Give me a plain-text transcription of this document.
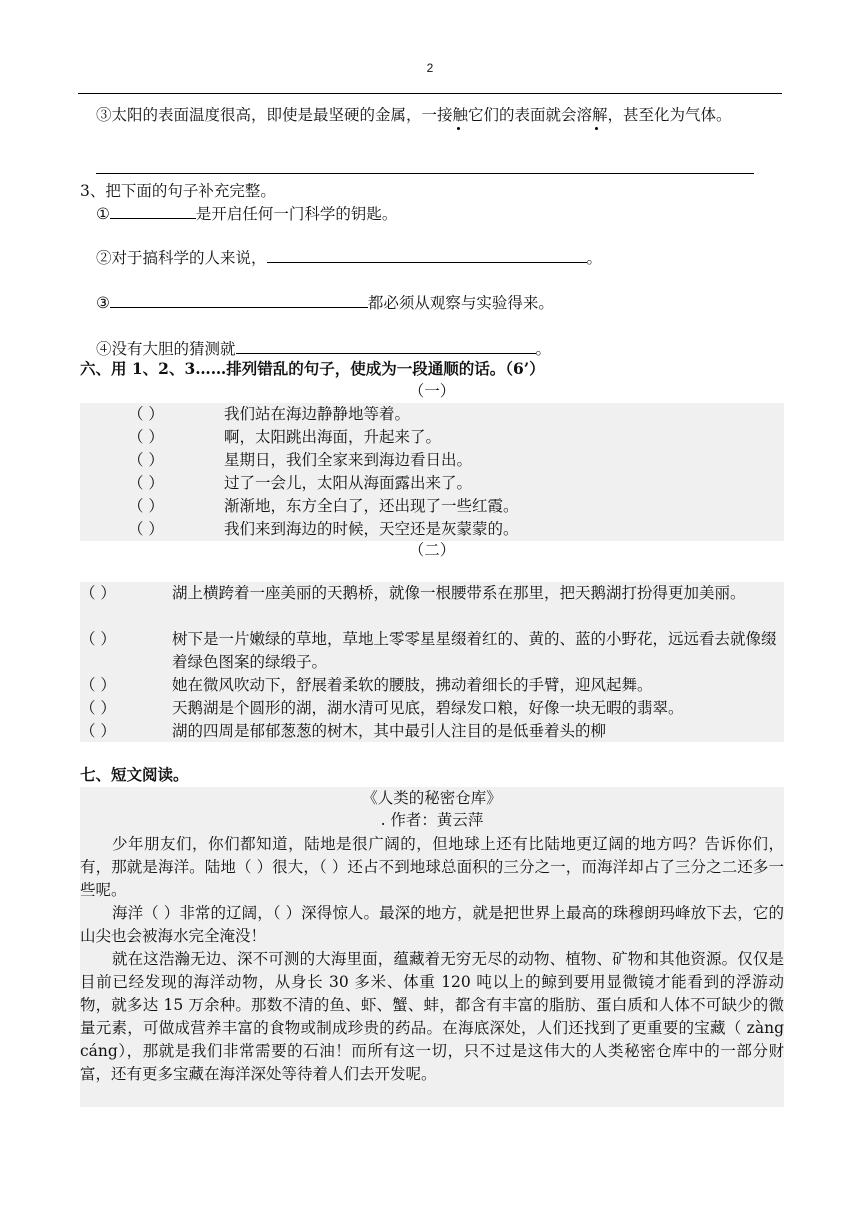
2
③太阳的表面温度很高，即使是最坚硬的金属，一接触它们的表面就会溶解，甚至化为气体。
3、把下面的句子补充完整。
①	是开启任何一门科学的钥匙。
②对于搞科学的人来说，	。
③	都必须从观察与实验得来。
④没有大胆的猜测就	。
六、用 1、2、3……排列错乱的句子，使成为一段通顺的话。（6’）
（一）
（ ）	我们站在海边静静地等着。
（ ）	啊，太阳跳出海面，升起来了。
（ ）	星期日，我们全家来到海边看日出。
（ ）	过了一会儿，太阳从海面露出来了。
（ ）	渐渐地，东方全白了，还出现了一些红霞。
（ ）	我们来到海边的时候，天空还是灰蒙蒙的。
（二）
（ ）	湖上横跨着一座美丽的天鹅桥，就像一根腰带系在那里，把天鹅湖打扮得更加美丽。
（ ）	树下是一片嫩绿的草地，草地上零零星星缀着红的、黄的、蓝的小野花，远远看去就像缀着绿色图案的绿缎子。
（ ）	她在微风吹动下，舒展着柔软的腰肢，拂动着细长的手臂，迎风起舞。
（ ）	天鹅湖是个圆形的湖，湖水清可见底，碧绿发口粮，好像一块无暇的翡翠。
（ ）	湖的四周是郁郁葱葱的树木，其中最引人注目的是低垂着头的柳
七、短文阅读。
《人类的秘密仓库》
. 作者：黄云萍
少年朋友们，你们都知道，陆地是很广阔的，但地球上还有比陆地更辽阔的地方吗？告诉你们，有，那就是海洋。陆地（ ）很大，（ ）还占不到地球总面积的三分之一，而海洋却占了三分之二还多一些呢。
海洋（ ）非常的辽阔，（ ）深得惊人。最深的地方，就是把世界上最高的珠穆朗玛峰放下去，它的山尖也会被海水完全淹没！
就在这浩瀚无边、深不可测的大海里面，蕴藏着无穷无尽的动物、植物、矿物和其他资源。仅仅是目前已经发现的海洋动物，从身长 30 多米、体重 120 吨以上的鲸到要用显微镜才能看到的浮游动物，就多达 15 万余种。那数不清的鱼、虾、蟹、蚌，都含有丰富的脂肪、蛋白质和人体不可缺少的微量元素，可做成营养丰富的食物或制成珍贵的药品。在海底深处，人们还找到了更重要的宝藏（ zàng cáng），那就是我们非常需要的石油！而所有这一切，只不过是这伟大的人类秘密仓库中的一部分财富，还有更多宝藏在海洋深处等待着人们去开发呢。
